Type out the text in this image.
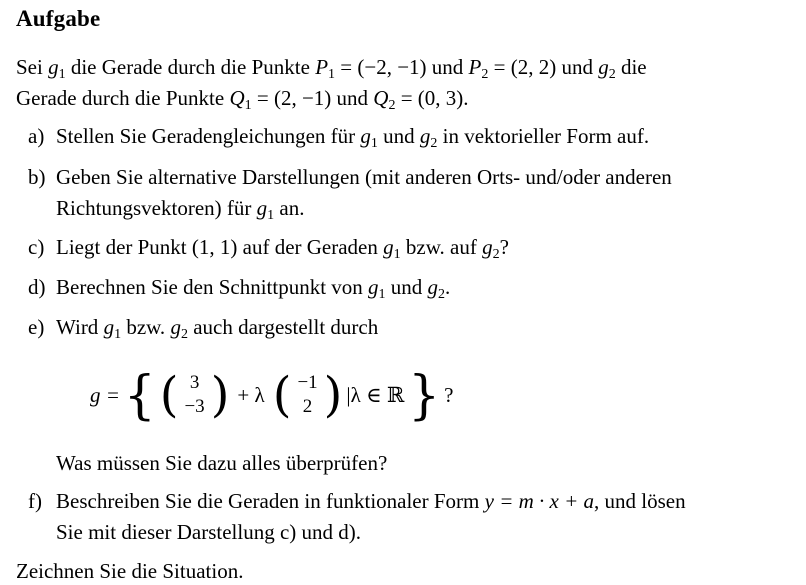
Aufgabe
Sei $g_1$ die Gerade durch die Punkte $P_1 = (-2$, −1) und $P_2 = (2$, 2) und $g_2$ die
Gerade durch die Punkte $Q_1 = (2$, −1) und $Q_2 = (0$, 3).
a) Stellen Sie Geradengleichungen für $g_1$ und $g_2$ in vektorieller Form auf.
b) Geben Sie alternative Darstellungen (mit anderen Orts- und/oder anderen
Richtungsvektoren) für $g_1$ an.
c) Liegt der Punkt (1, 1) auf der Geraden $g_1$ bzw. auf $g_2$?
d) Berechnen Sie den Schnittpunkt von $g_1$ und $g_2$.
e) Wird $g_1$ bzw. $g_2$ auch dargestellt durch
g = { ( 3
−3 ) + λ ( −1
2 ) |λ ∈ ℝ } ?
Was müssen Sie dazu alles überprüfen?
f) Beschreiben Sie die Geraden in funktionaler Form y = m · x + a, und lösen
Sie mit dieser Darstellung c) und d).
Zeichnen Sie die Situation.
